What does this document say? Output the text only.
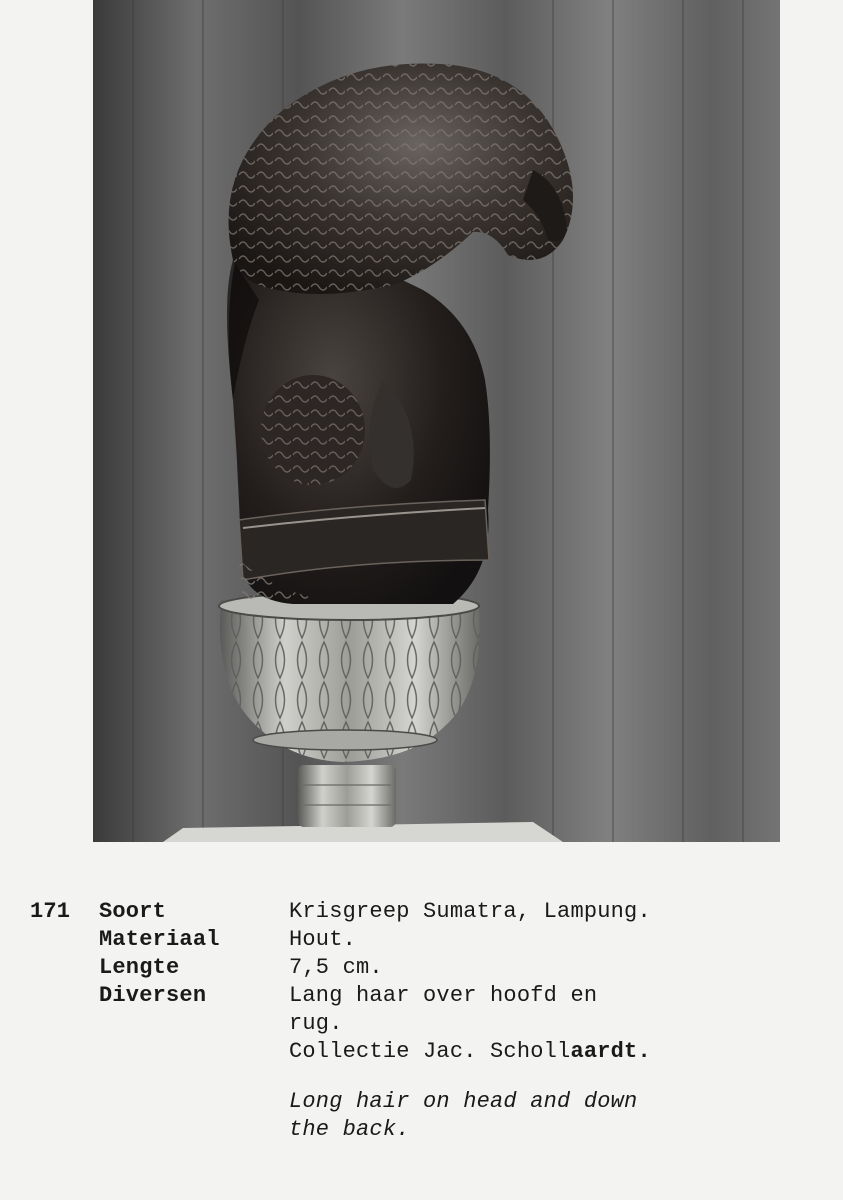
171 Soort	Krisgreep Sumatra, Lampung.
Materiaal	Hout.
Lengte	7,5 cm.
Diversen	Lang haar over hoofd en
rug.
Collectie Jac. Schollaardt.
Long hair on head and down
the back.
